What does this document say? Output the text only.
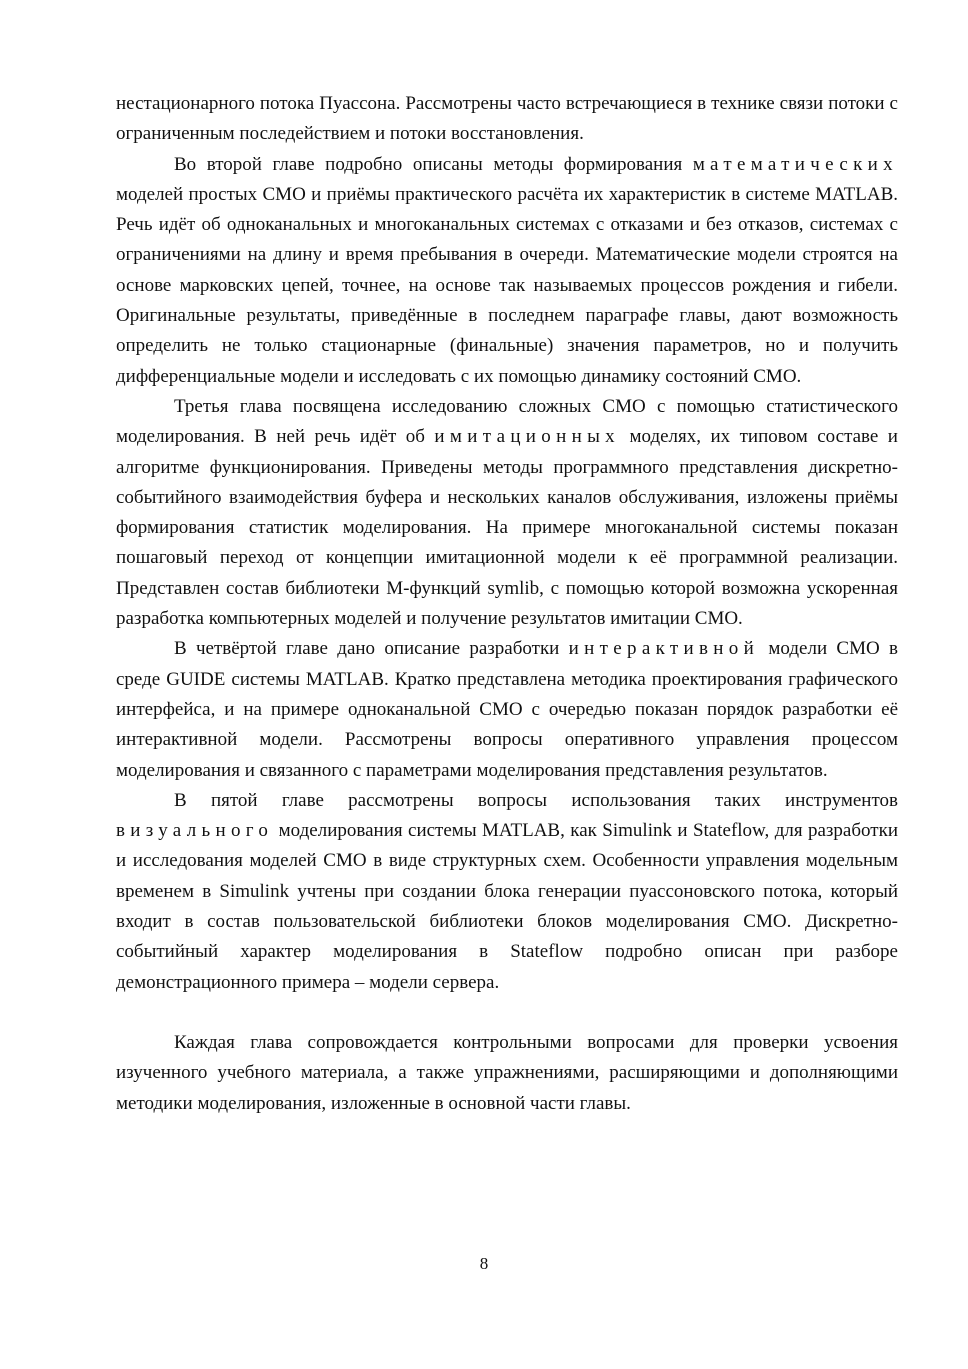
нестационарного потока Пуассона. Рассмотрены часто встречающиеся в технике связи потоки с ограниченным последействием и потоки восстановления.

Во второй главе подробно описаны методы формирования математических моделей простых СМО и приёмы практического расчёта их характеристик в системе MATLAB. Речь идёт об одноканальных и многоканальных системах с отказами и без отказов, системах с ограничениями на длину и время пребывания в очереди. Математические модели строятся на основе марковских цепей, точнее, на основе так называемых процессов рождения и гибели. Оригинальные результаты, приведённые в последнем параграфе главы, дают возможность определить не только стационарные (финальные) значения параметров, но и получить дифференциальные модели и исследовать с их помощью динамику состояний СМО.

Третья глава посвящена исследованию сложных СМО с помощью статистического моделирования. В ней речь идёт об имитационных моделях, их типовом составе и алгоритме функционирования. Приведены методы программного представления дискретно-событийного взаимодействия буфера и нескольких каналов обслуживания, изложены приёмы формирования статистик моделирования. На примере многоканальной системы показан пошаговый переход от концепции имитационной модели к её программной реализации. Представлен состав библиотеки М-функций symlib, с помощью которой возможна ускоренная разработка компьютерных моделей и получение результатов имитации СМО.

В четвёртой главе дано описание разработки интерактивной модели СМО в среде GUIDE системы MATLAB. Кратко представлена методика проектирования графического интерфейса, и на примере одноканальной СМО с очередью показан порядок разработки её интерактивной модели. Рассмотрены вопросы оперативного управления процессом моделирования и связанного с параметрами моделирования представления результатов.

В пятой главе рассмотрены вопросы использования таких инструментов визуального моделирования системы MATLAB, как Simulink и Stateflow, для разработки и исследования моделей СМО в виде структурных схем. Особенности управления модельным временем в Simulink учтены при создании блока генерации пуассоновского потока, который входит в состав пользовательской библиотеки блоков моделирования СМО. Дискретно-событийный характер моделирования в Stateflow подробно описан при разборе демонстрационного примера – модели сервера.

Каждая глава сопровождается контрольными вопросами для проверки усвоения изученного учебного материала, а также упражнениями, расширяющими и дополняющими методики моделирования, изложенные в основной части главы.

8
